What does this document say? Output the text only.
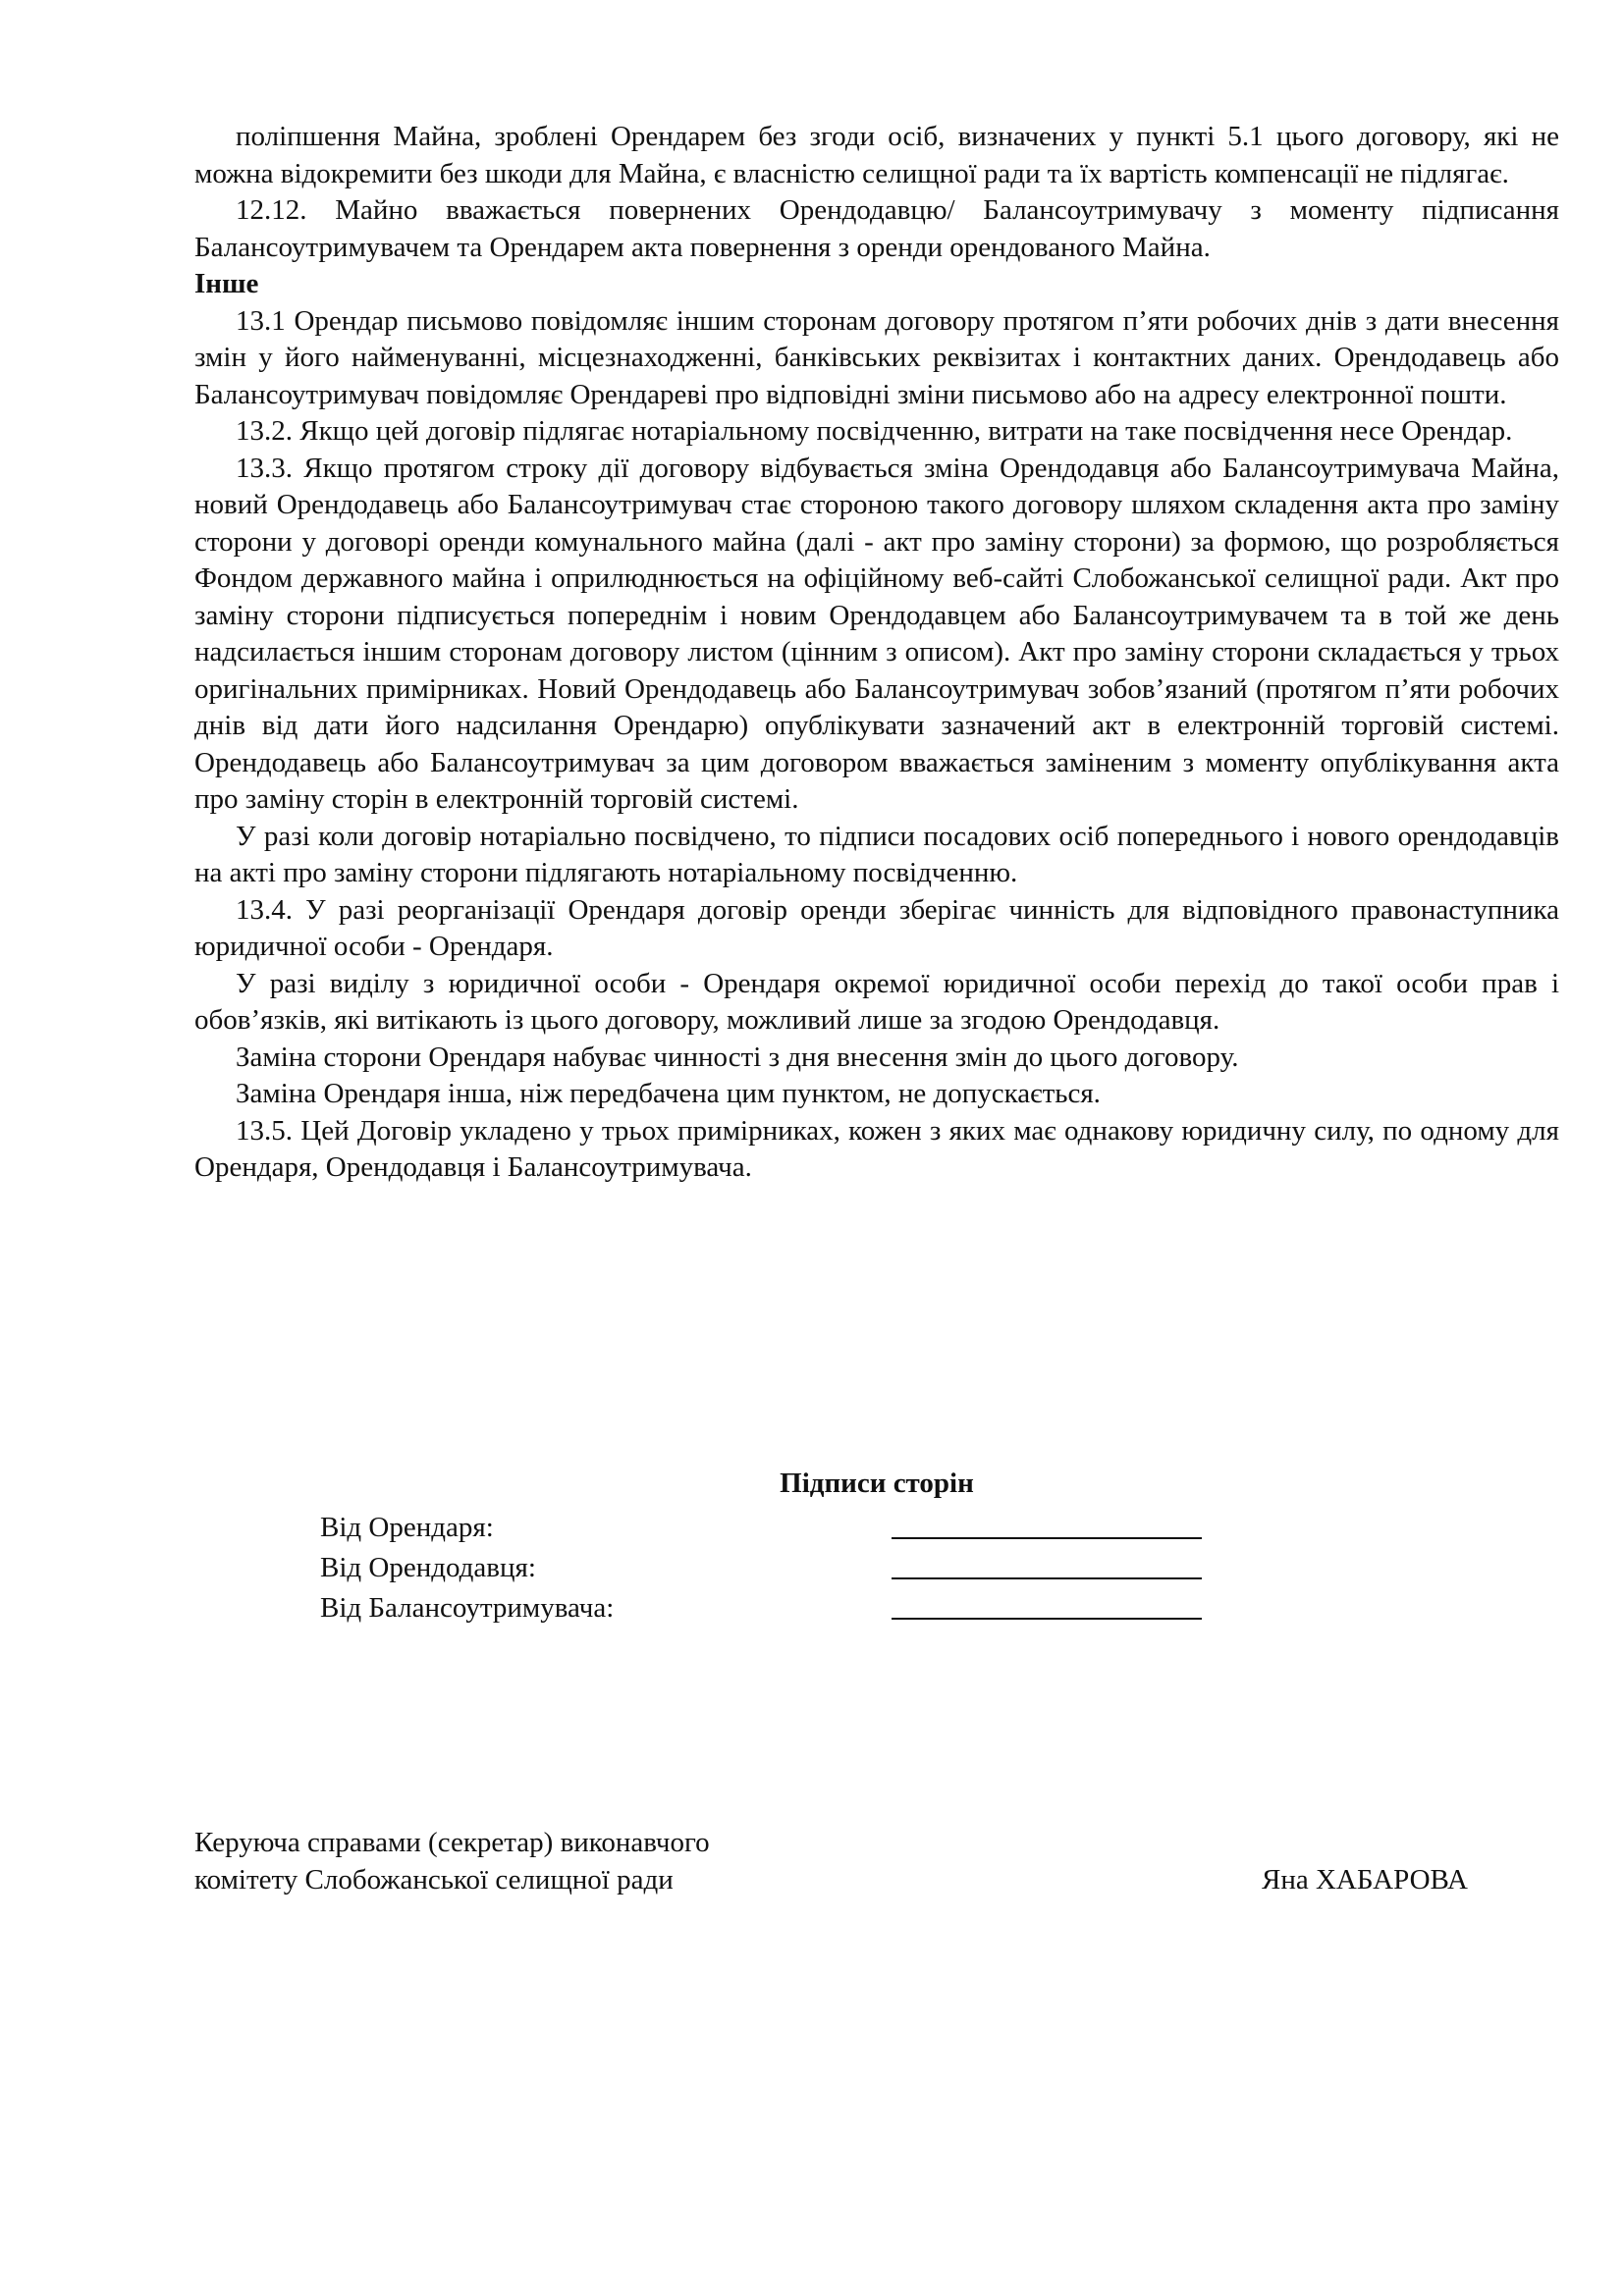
поліпшення Майна, зроблені Орендарем без згоди осіб, визначених у пункті 5.1 цього договору, які не можна відокремити без шкоди для Майна, є власністю селищної ради та їх вартість компенсації не підлягає.

12.12. Майно вважається повернених Орендодавцю/ Балансоутримувачу з моменту підписання Балансоутримувачем та Орендарем акта повернення з оренди орендованого Майна.

Інше

13.1 Орендар письмово повідомляє іншим сторонам договору протягом п’яти робочих днів з дати внесення змін у його найменуванні, місцезнаходженні, банківських реквізитах і контактних даних. Орендодавець або Балансоутримувач повідомляє Орендареві про відповідні зміни письмово або на адресу електронної пошти.

13.2. Якщо цей договір підлягає нотаріальному посвідченню, витрати на таке посвідчення несе Орендар.

13.3. Якщо протягом строку дії договору відбувається зміна Орендодавця або Балансоутримувача Майна, новий Орендодавець або Балансоутримувач стає стороною такого договору шляхом складення акта про заміну сторони у договорі оренди комунального майна (далі - акт про заміну сторони) за формою, що розробляється Фондом державного майна і оприлюднюється на офіційному веб-сайті Слобожанської селищної ради. Акт про заміну сторони підписується попереднім і новим Орендодавцем або Балансоутримувачем та в той же день надсилається іншим сторонам договору листом (цінним з описом). Акт про заміну сторони складається у трьох оригінальних примірниках. Новий Орендодавець або Балансоутримувач зобов’язаний (протягом п’яти робочих днів від дати його надсилання Орендарю) опублікувати зазначений акт в електронній торговій системі. Орендодавець або Балансоутримувач за цим договором вважається заміненим з моменту опублікування акта про заміну сторін в електронній торговій системі.

У разі коли договір нотаріально посвідчено, то підписи посадових осіб попереднього і нового орендодавців на акті про заміну сторони підлягають нотаріальному посвідченню.

13.4. У разі реорганізації Орендаря договір оренди зберігає чинність для відповідного правонаступника юридичної особи - Орендаря.

У разі виділу з юридичної особи - Орендаря окремої юридичної особи перехід до такої особи прав і обов’язків, які витікають із цього договору, можливий лише за згодою Орендодавця.

Заміна сторони Орендаря набуває чинності з дня внесення змін до цього договору.

Заміна Орендаря інша, ніж передбачена цим пунктом, не допускається.

13.5. Цей Договір укладено у трьох примірниках, кожен з яких має однакову юридичну силу, по одному для Орендаря, Орендодавця і Балансоутримувача.

Підписи сторін

Від Орендаря:
Від Орендодавця:
Від Балансоутримувача:
Керуюча справами (секретар) виконавчого
комітету Слобожанської селищної ради	Яна ХАБАРОВА
